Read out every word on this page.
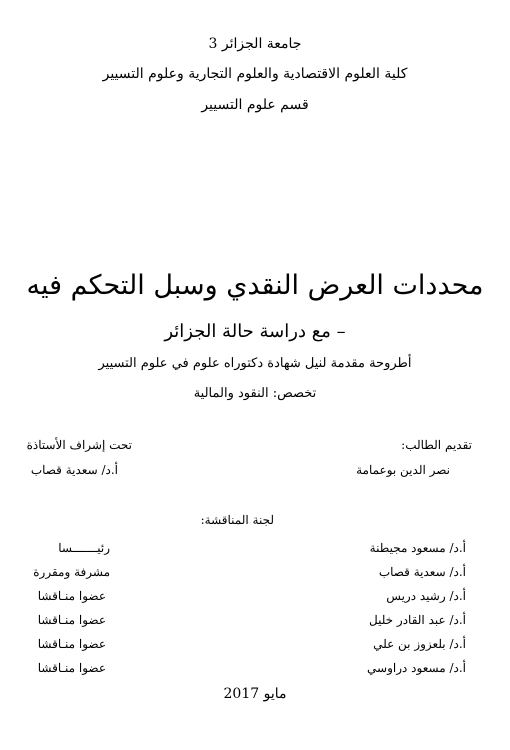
جامعة الجزائر 3
كلية العلوم الاقتصادية والعلوم التجارية وعلوم التسيير
قسم علوم التسيير
محددات العرض النقدي وسبل التحكم فيه
– مع دراسة حالة الجزائر
أطروحة مقدمة لنيل شهادة دكتوراه علوم في علوم التسيير
تخصص: النقود والمالية
تقديم الطالب:
تحت إشراف الأستاذة
نصر الدين بوعمامة
أ.د/ سعدية قصاب
لجنة المناقشة:
أ.د/ مسعود مجيطنة
رئيـــــــسا
أ.د/ سعدية قصاب
مشرفة ومقررة
أ.د/ رشيد دريس
عضوا منـاقشا
أ.د/ عبد القادر خليل
عضوا منـاقشا
أ.د/ بلعزوز بن علي
عضوا منـاقشا
أ.د/ مسعود دراوسي
عضوا منـاقشا
مايو 2017
